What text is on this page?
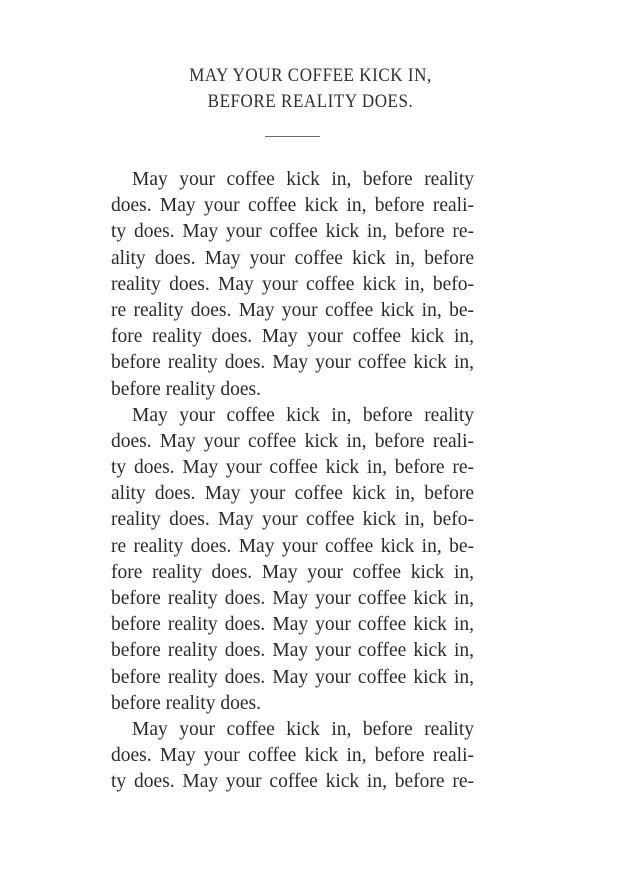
MAY YOUR COFFEE KICK IN,
BEFORE REALITY DOES.
May your coffee kick in, before reality
does. May your coffee kick in, before reali-
ty does. May your coffee kick in, before re-
ality does. May your coffee kick in, before
reality does. May your coffee kick in, befo-
re reality does. May your coffee kick in, be-
fore reality does. May your coffee kick in,
before reality does. May your coffee kick in,
before reality does.
May your coffee kick in, before reality
does. May your coffee kick in, before reali-
ty does. May your coffee kick in, before re-
ality does. May your coffee kick in, before
reality does. May your coffee kick in, befo-
re reality does. May your coffee kick in, be-
fore reality does. May your coffee kick in,
before reality does. May your coffee kick in,
before reality does. May your coffee kick in,
before reality does. May your coffee kick in,
before reality does. May your coffee kick in,
before reality does.
May your coffee kick in, before reality
does. May your coffee kick in, before reali-
ty does. May your coffee kick in, before re-
